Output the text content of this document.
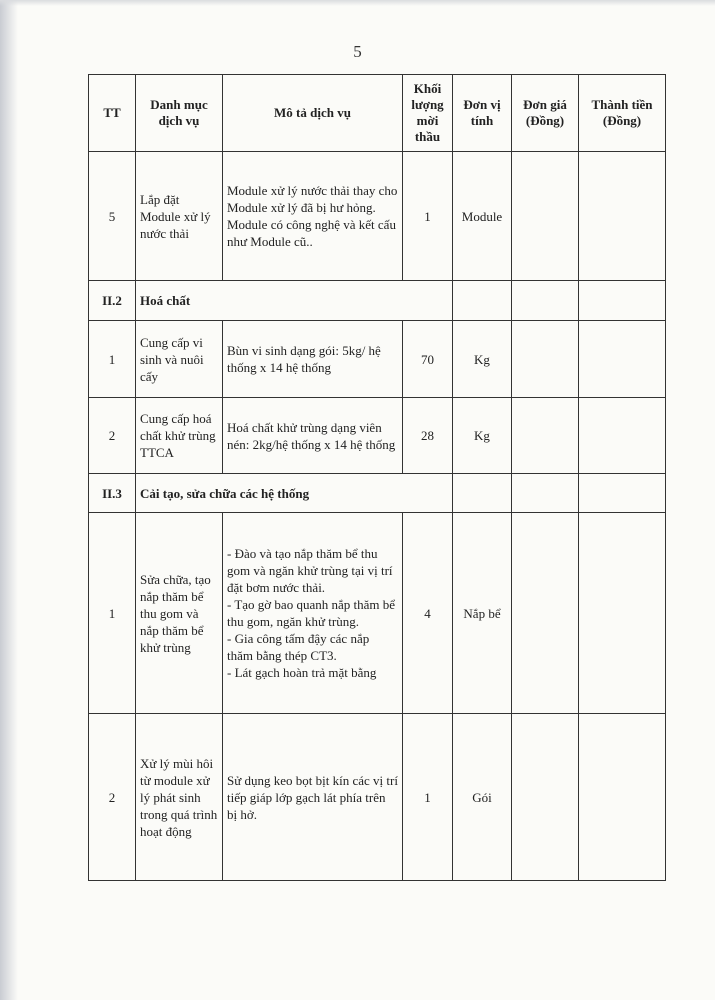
5
TT	Danh mục dịch vụ	Mô tả dịch vụ	Khối lượng mời thầu	Đơn vị tính	Đơn giá (Đồng)	Thành tiền (Đồng)
5	Lắp đặt Module xử lý nước thải	Module xử lý nước thải thay cho Module xử lý đã bị hư hỏng. Module có công nghệ và kết cấu như Module cũ..	1	Module		
II.2	Hoá chất					
1	Cung cấp vi sinh và nuôi cấy	Bùn vi sinh dạng gói: 5kg/ hệ thống x 14 hệ thống	70	Kg		
2	Cung cấp hoá chất khử trùng TTCA	Hoá chất khử trùng dạng viên nén: 2kg/hệ thống x 14 hệ thống	28	Kg		
II.3	Cải tạo, sửa chữa các hệ thống					
1	Sửa chữa, tạo nắp thăm bể thu gom và nắp thăm bể khử trùng	- Đào và tạo nắp thăm bể thu gom và ngăn khử trùng tại vị trí đặt bơm nước thải.
- Tạo gờ bao quanh nắp thăm bể thu gom, ngăn khử trùng.
- Gia công tấm đậy các nắp thăm bằng thép CT3.
- Lát gạch hoàn trả mặt bằng	4	Nắp bể		
2	Xử lý mùi hôi từ module xử lý phát sinh trong quá trình hoạt động	Sử dụng keo bọt bịt kín các vị trí tiếp giáp lớp gạch lát phía trên bị hở.	1	Gói		
